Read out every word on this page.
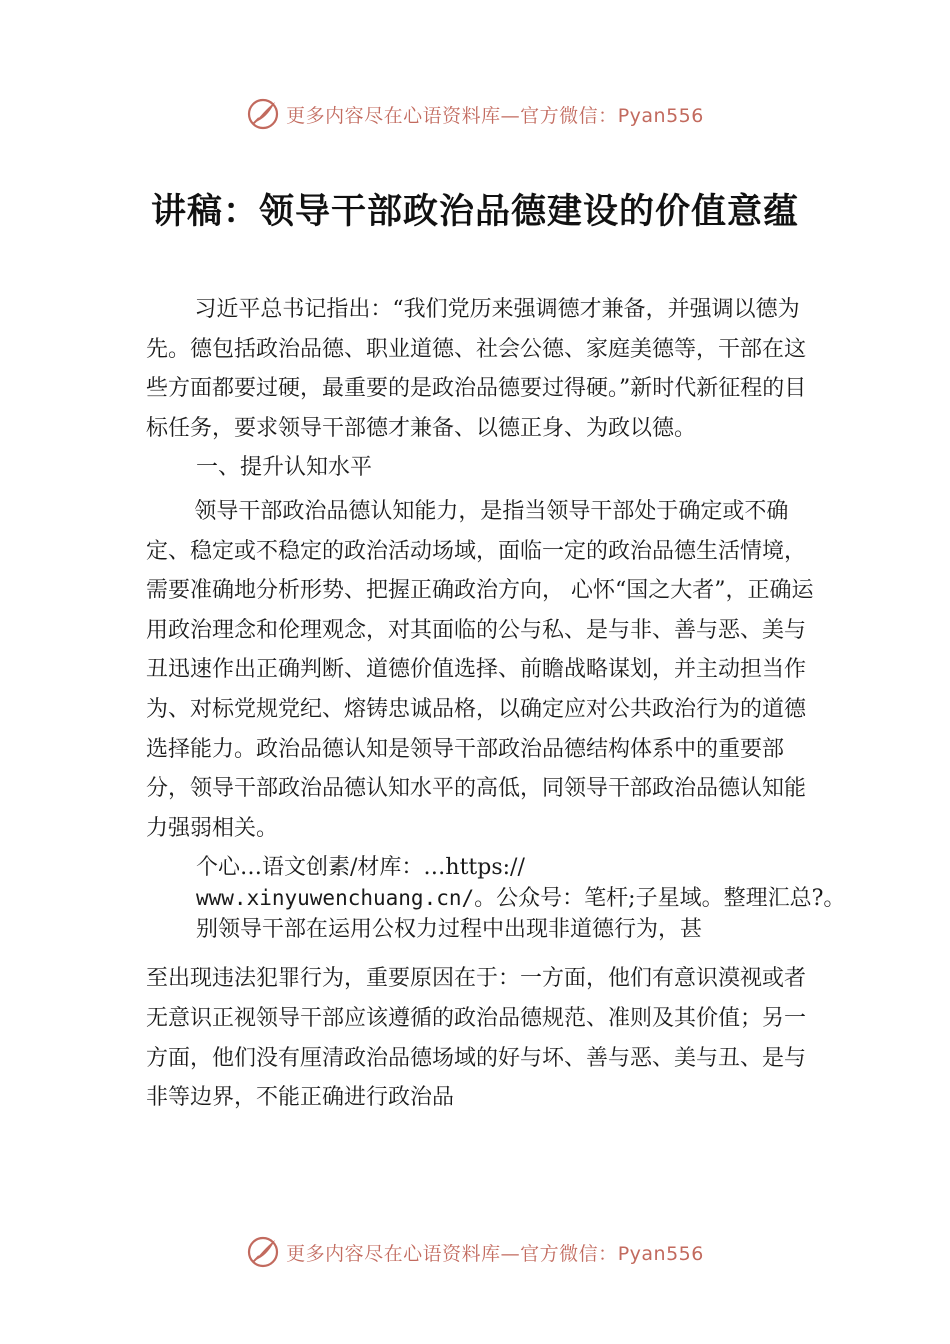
更多内容尽在心语资料库—官方微信：Pyan556
讲稿：领导干部政治品德建设的价值意蕴

习近平总书记指出：“我们党历来强调德才兼备，并强调以德为先。德包括政治品德、职业道德、社会公德、家庭美德等，干部在这些方面都要过硬，最重要的是政治品德要过得硬。”新时代新征程的目标任务，要求领导干部德才兼备、以德正身、为政以德。

一、提升认知水平

领导干部政治品德认知能力，是指当领导干部处于确定或不确定、稳定或不稳定的政治活动场域，面临一定的政治品德生活情境，需要准确地分析形势、把握正确政治方向， 心怀“国之大者”，正确运用政治理念和伦理观念，对其面临的公与私、是与非、善与恶、美与丑迅速作出正确判断、道德价值选择、前瞻战略谋划，并主动担当作为、对标党规党纪、熔铸忠诚品格，以确定应对公共政治行为的道德选择能力。政治品德认知是领导干部政治品德结构体系中的重要部分，领导干部政治品德认知水平的高低，同领导干部政治品德认知能力强弱相关。

个心…语文创素/材库：…https://
www.xinyuwenchuang.cn/。公众号：笔杆;子星域。整理汇总?。别领导干部在运用公权力过程中出现非道德行为，甚

至出现违法犯罪行为，重要原因在于：一方面，他们有意识漠视或者无意识正视领导干部应该遵循的政治品德规范、准则及其价值；另一方面，他们没有厘清政治品德场域的好与坏、善与恶、美与丑、是与非等边界，不能正确进行政治品

更多内容尽在心语资料库—官方微信：Pyan556
